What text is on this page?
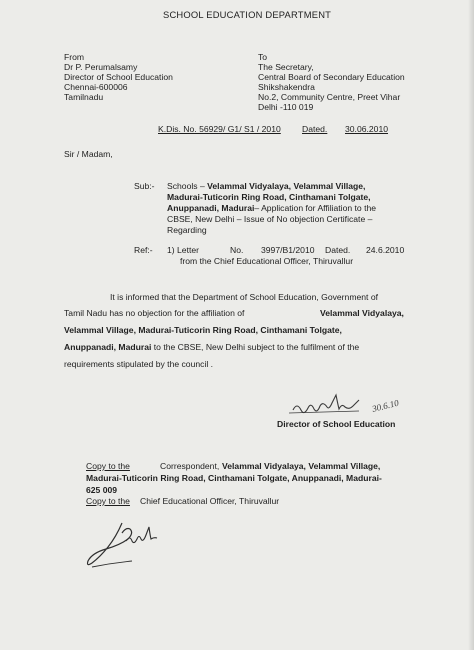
SCHOOL EDUCATION DEPARTMENT
From
Dr P. Perumalsamy
Director of School Education
Chennai-600006
Tamilnadu
To
The Secretary,
Central Board of Secondary Education
Shikshakendra
No.2, Community Centre, Preet Vihar
Delhi -110 019
K.Dis. No. 56929/ G1/ S1 / 2010 Dated. 30.06.2010
Sir / Madam,
Sub:- Schools – Velammal Vidyalaya, Velammal Village,
Madurai-Tuticorin Ring Road, Cinthamani Tolgate,
Anuppanadi, Madurai– Application for Affiliation to the
CBSE, New Delhi – Issue of No objection Certificate –
Regarding
Ref:- 1) Letter	No. 3997/B1/2010 Dated. 24.6.2010
from the Chief Educational Officer, Thiruvallur
It is informed that the Department of School Education, Government of
Tamil Nadu has no objection for the affiliation of	Velammal Vidyalaya,
Velammal Village, Madurai-Tuticorin Ring Road, Cinthamani Tolgate,
Anuppanadi, Madurai to the CBSE, New Delhi subject to the fulfilment of the
requirements stipulated by the council .
30.6.10
Director of School Education
Copy to the	Correspondent, Velammal Vidyalaya, Velammal Village,
Madurai-Tuticorin Ring Road, Cinthamani Tolgate, Anuppanadi, Madurai-
625 009
Copy to the Chief Educational Officer, Thiruvallur
